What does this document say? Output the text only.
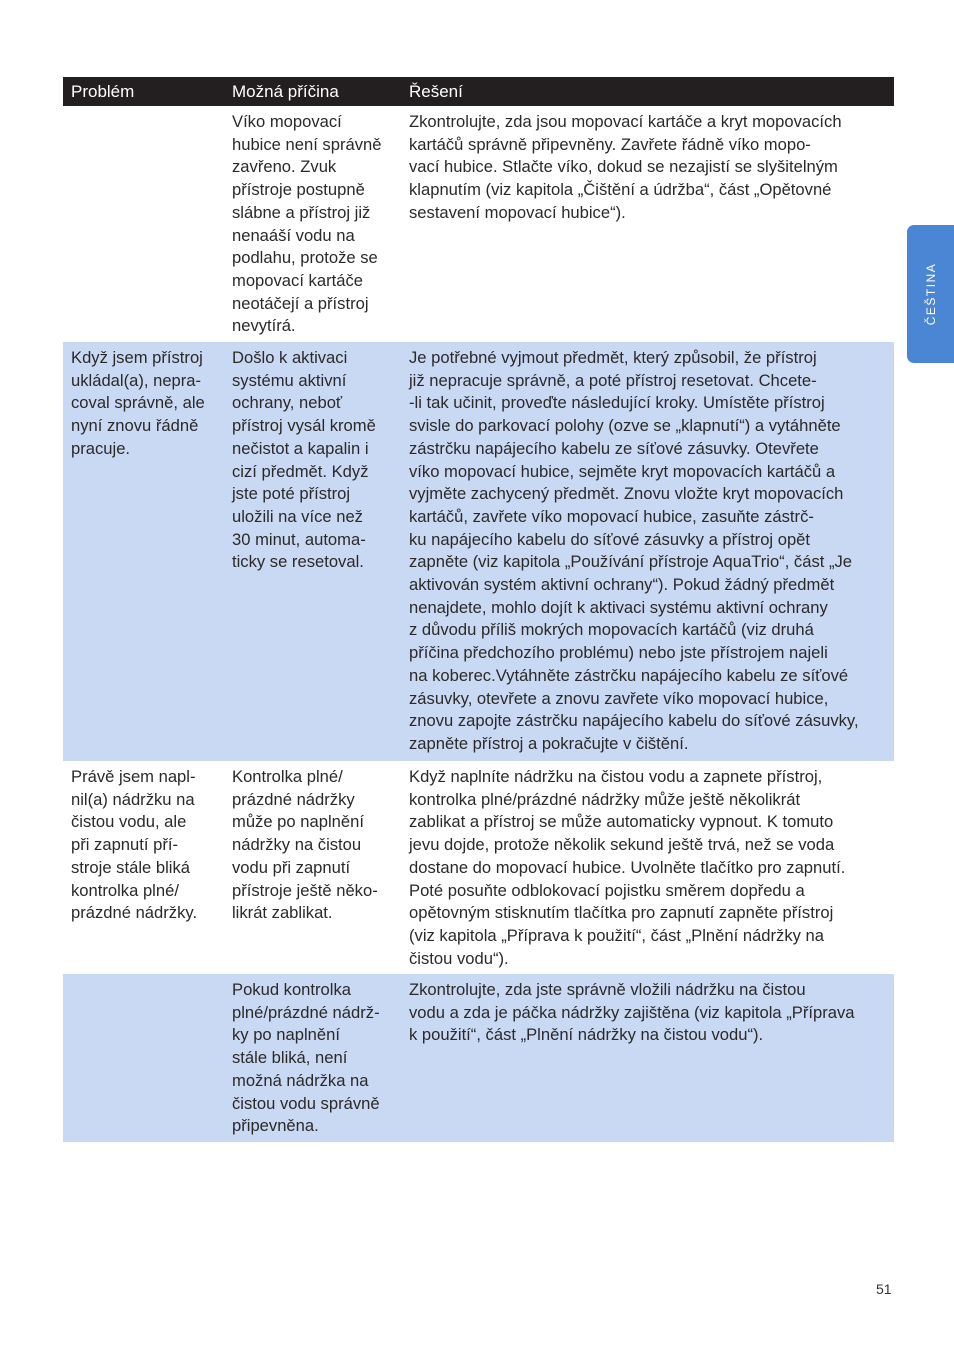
Problém	Možná příčina	Řešení
Víko mopovací
hubice není správně
zavřeno. Zvuk
přístroje postupně
slábne a přístroj již
nenaáší vodu na
podlahu, protože se
mopovací kartáče
neotáčejí a přístroj
nevytírá.
Zkontrolujte, zda jsou mopovací kartáče a kryt mopovacích
kartáčů správně připevněny. Zavřete řádně víko mopo-
vací hubice. Stlačte víko, dokud se nezajistí se slyšitelným
klapnutím (viz kapitola „Čištění a údržba“, část „Opětovné
sestavení mopovací hubice“).
Když jsem přístroj
ukládal(a), nepra-
coval správně, ale
nyní znovu řádně
pracuje.
Došlo k aktivaci
systému aktivní
ochrany, neboť
přístroj vysál kromě
nečistot a kapalin i
cizí předmět. Když
jste poté přístroj
uložili na více než
30 minut, automa-
ticky se resetoval.
Je potřebné vyjmout předmět, který způsobil, že přístroj
již nepracuje správně, a poté přístroj resetovat. Chcete-
-li tak učinit, proveďte následující kroky. Umístěte přístroj
svisle do parkovací polohy (ozve se „klapnutí“) a vytáhněte
zástrčku napájecího kabelu ze síťové zásuvky. Otevřete
víko mopovací hubice, sejměte kryt mopovacích kartáčů a
vyjměte zachycený předmět. Znovu vložte kryt mopovacích
kartáčů, zavřete víko mopovací hubice, zasuňte zástrč-
ku napájecího kabelu do síťové zásuvky a přístroj opět
zapněte (viz kapitola „Používání přístroje AquaTrio“, část „Je
aktivován systém aktivní ochrany“). Pokud žádný předmět
nenajdete, mohlo dojít k aktivaci systému aktivní ochrany
z důvodu příliš mokrých mopovacích kartáčů (viz druhá
příčina předchozího problému) nebo jste přístrojem najeli
na koberec.Vytáhněte zástrčku napájecího kabelu ze síťové
zásuvky, otevřete a znovu zavřete víko mopovací hubice,
znovu zapojte zástrčku napájecího kabelu do síťové zásuvky,
zapněte přístroj a pokračujte v čištění.
Právě jsem napl-
nil(a) nádržku na
čistou vodu, ale
při zapnutí pří-
stroje stále bliká
kontrolka plné/
prázdné nádržky.
Kontrolka plné/
prázdné nádržky
může po naplnění
nádržky na čistou
vodu při zapnutí
přístroje ještě něko-
likrát zablikat.
Když naplníte nádržku na čistou vodu a zapnete přístroj,
kontrolka plné/prázdné nádržky může ještě několikrát
zablikat a přístroj se může automaticky vypnout. K tomuto
jevu dojde, protože několik sekund ještě trvá, než se voda
dostane do mopovací hubice. Uvolněte tlačítko pro zapnutí.
Poté posuňte odblokovací pojistku směrem dopředu a
opětovným stisknutím tlačítka pro zapnutí zapněte přístroj
(viz kapitola „Příprava k použití“, část „Plnění nádržky na
čistou vodu“).
Pokud kontrolka
plné/prázdné nádrž-
ky po naplnění
stále bliká, není
možná nádržka na
čistou vodu správně
připevněna.
Zkontrolujte, zda jste správně vložili nádržku na čistou
vodu a zda je páčka nádržky zajištěna (viz kapitola „Příprava
k použití“, část „Plnění nádržky na čistou vodu“).
ČEŠTINA
51
